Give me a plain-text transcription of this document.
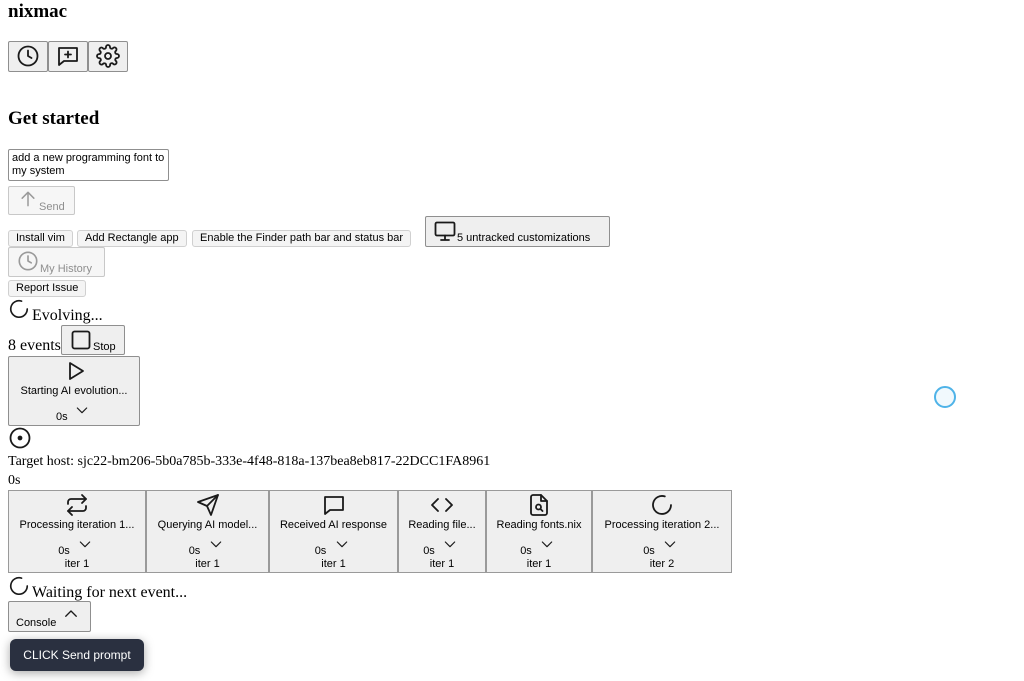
nixmac
Get started
add a new programming font to my system
Send
Install vim	Add Rectangle app	Enable the Finder path bar and status bar	5 untracked customizations
My History
Report Issue
Evolving...
8 events	Stop
Starting AI evolution...
0s
Target host: sjc22-bm206-5b0a785b-333e-4f48-818a-137bea8eb817-22DCC1FA8961
0s
Processing iteration 1...
0s
iter 1
Querying AI model...
0s
iter 1
Received AI response
0s
iter 1
Reading file...
0s
iter 1
Reading fonts.nix
0s
iter 1
Processing iteration 2...
0s
iter 2
Waiting for next event...
Console
CLICK Send prompt
